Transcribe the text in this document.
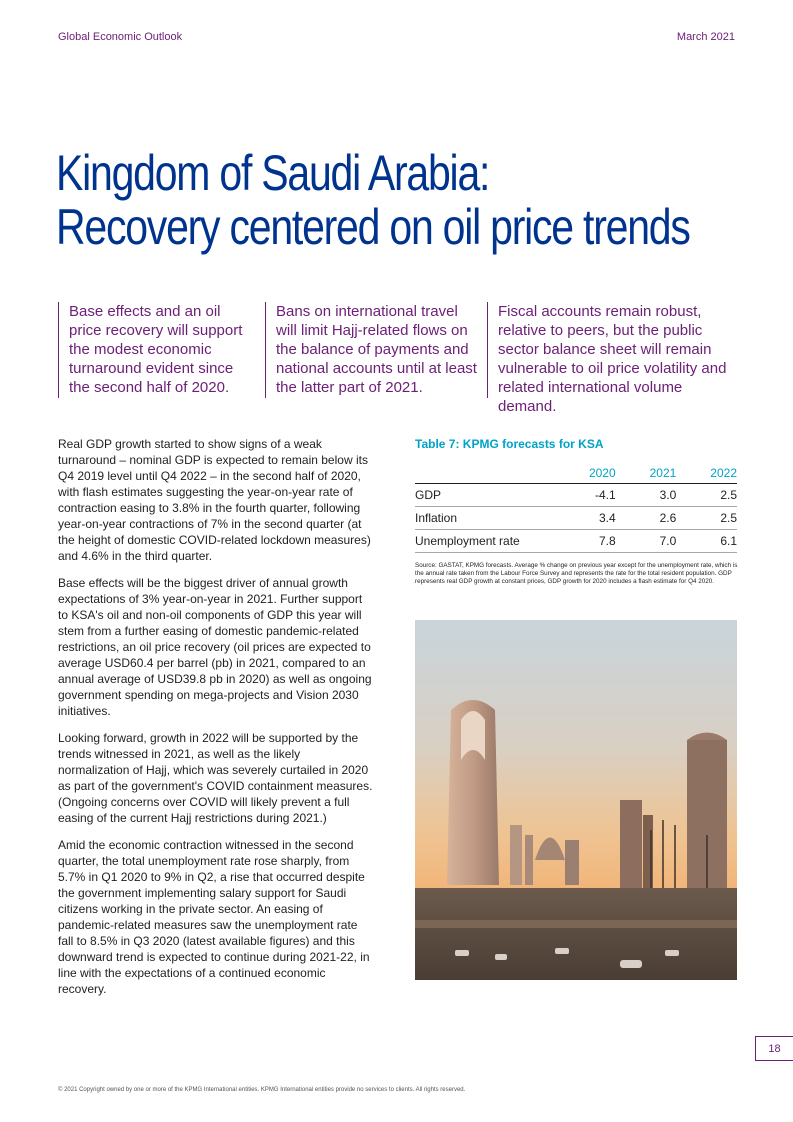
Global Economic Outlook	March 2021
Kingdom of Saudi Arabia:
Recovery centered on oil price trends
Base effects and an oil price recovery will support the modest economic turnaround evident since the second half of 2020.
Bans on international travel will limit Hajj-related flows on the balance of payments and national accounts until at least the latter part of 2021.
Fiscal accounts remain robust, relative to peers, but the public sector balance sheet will remain vulnerable to oil price volatility and related international volume demand.

Real GDP growth started to show signs of a weak turnaround – nominal GDP is expected to remain below its Q4 2019 level until Q4 2022 – in the second half of 2020, with flash estimates suggesting the year-on-year rate of contraction easing to 3.8% in the fourth quarter, following year-on-year contractions of 7% in the second quarter (at the height of domestic COVID-related lockdown measures) and 4.6% in the third quarter.

Base effects will be the biggest driver of annual growth expectations of 3% year-on-year in 2021. Further support to KSA's oil and non-oil components of GDP this year will stem from a further easing of domestic pandemic-related restrictions, an oil price recovery (oil prices are expected to average USD60.4 per barrel (pb) in 2021, compared to an annual average of USD39.8 pb in 2020) as well as ongoing government spending on mega-projects and Vision 2030 initiatives.

Looking forward, growth in 2022 will be supported by the trends witnessed in 2021, as well as the likely normalization of Hajj, which was severely curtailed in 2020 as part of the government's COVID containment measures. (Ongoing concerns over COVID will likely prevent a full easing of the current Hajj restrictions during 2021.)

Amid the economic contraction witnessed in the second quarter, the total unemployment rate rose sharply, from 5.7% in Q1 2020 to 9% in Q2, a rise that occurred despite the government implementing salary support for Saudi citizens working in the private sector. An easing of pandemic-related measures saw the unemployment rate fall to 8.5% in Q3 2020 (latest available figures) and this downward trend is expected to continue during 2021-22, in line with the expectations of a continued economic recovery.

Table 7: KPMG forecasts for KSA
	2020	2021	2022
GDP	-4.1	3.0	2.5
Inflation	3.4	2.6	2.5
Unemployment rate	7.8	7.0	6.1
Source: GASTAT, KPMG forecasts. Average % change on previous year except for the unemployment rate, which is the annual rate taken from the Labour Force Survey and represents the rate for the total resident population. GDP represents real GDP growth at constant prices, GDP growth for 2020 includes a flash estimate for Q4 2020.
18
© 2021 Copyright owned by one or more of the KPMG International entities. KPMG International entities provide no services to clients. All rights reserved.
